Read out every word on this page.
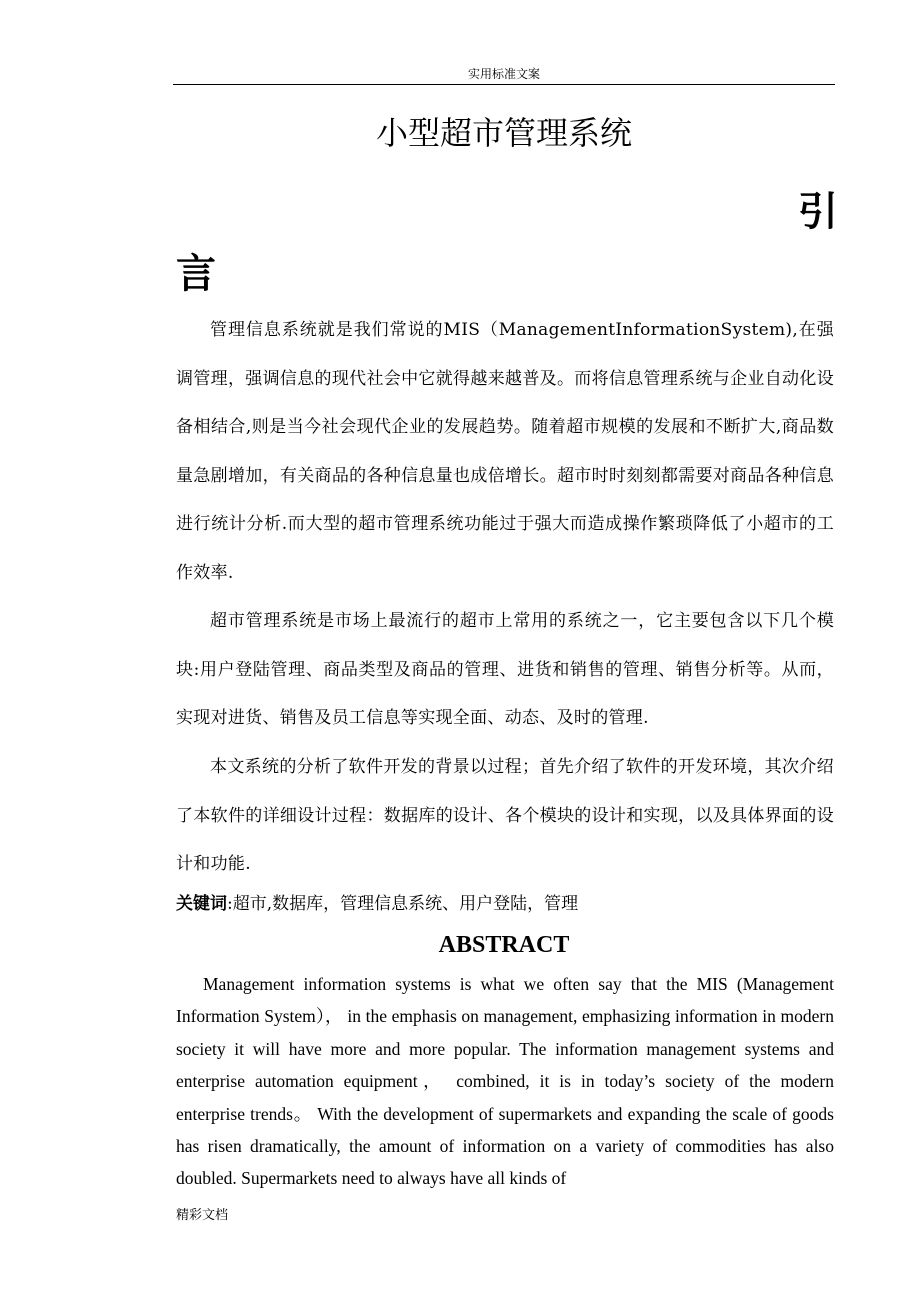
实用标准文案
小型超市管理系统
引
言

管理信息系统就是我们常说的MIS（ManagementInformationSystem),在强调管理，强调信息的现代社会中它就得越来越普及。而将信息管理系统与企业自动化设备相结合,则是当今社会现代企业的发展趋势。随着超市规模的发展和不断扩大,商品数量急剧增加，有关商品的各种信息量也成倍增长。超市时时刻刻都需要对商品各种信息进行统计分析.而大型的超市管理系统功能过于强大而造成操作繁琐降低了小超市的工作效率.

超市管理系统是市场上最流行的超市上常用的系统之一，它主要包含以下几个模块:用户登陆管理、商品类型及商品的管理、进货和销售的管理、销售分析等。从而，实现对进货、销售及员工信息等实现全面、动态、及时的管理.

本文系统的分析了软件开发的背景以过程；首先介绍了软件的开发环境，其次介绍了本软件的详细设计过程：数据库的设计、各个模块的设计和实现，以及具体界面的设计和功能.

关键词:超市,数据库，管理信息系统、用户登陆，管理
ABSTRACT

Management information systems is what we often say that the MIS (Management Information System）， in the emphasis on management, emphasizing information in modern society it will have more and more popular. The information management systems and enterprise automation equipment， combined, it is in today’s society of the modern enterprise trends。 With the development of supermarkets and expanding the scale of goods has risen dramatically, the amount of information on a variety of commodities has also doubled. Supermarkets need to always have all kinds of

精彩文档
